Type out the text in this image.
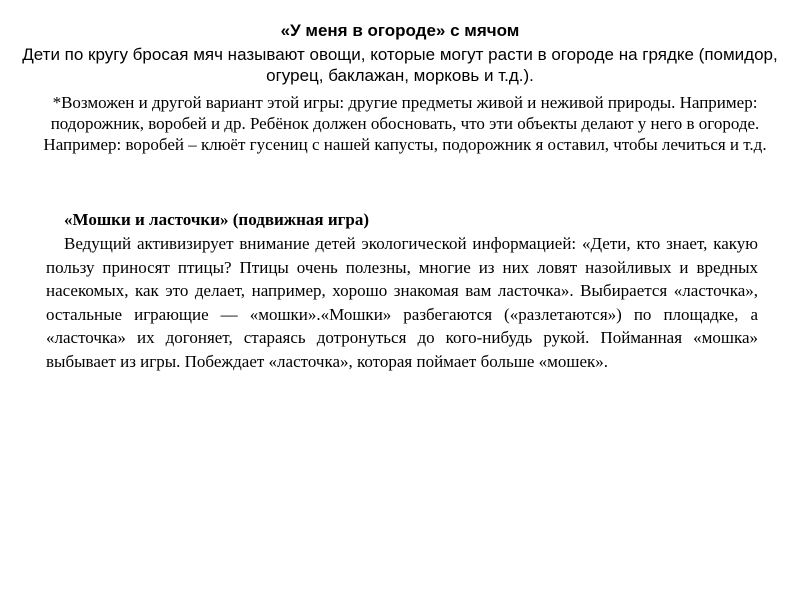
«У меня в огороде» с мячом

Дети по кругу бросая мяч называют овощи, которые могут расти в огороде на грядке (помидор, огурец, баклажан, морковь и т.д.).

*Возможен и другой вариант этой игры: другие предметы живой и неживой природы. Например: подорожник, воробей и др. Ребёнок должен обосновать, что эти объекты делают у него в огороде. Например: воробей – клюёт гусениц с нашей капусты, подорожник я оставил, чтобы лечиться и т.д.

«Мошки и ласточки» (подвижная игра)

Ведущий активизирует внимание детей экологической информацией: «Дети, кто знает, какую пользу приносят птицы? Птицы очень полезны, многие из них ловят назойливых и вредных насекомых, как это делает, например, хорошо знакомая вам ласточка». Выбирается «ласточка», остальные играющие — «мошки».«Мошки» разбегаются («разлетаются») по площадке, а «ласточка» их догоняет, стараясь дотронуться до кого-нибудь рукой. Пойманная «мошка» выбывает из игры. Побеждает «ласточка», которая поймает больше «мошек».
